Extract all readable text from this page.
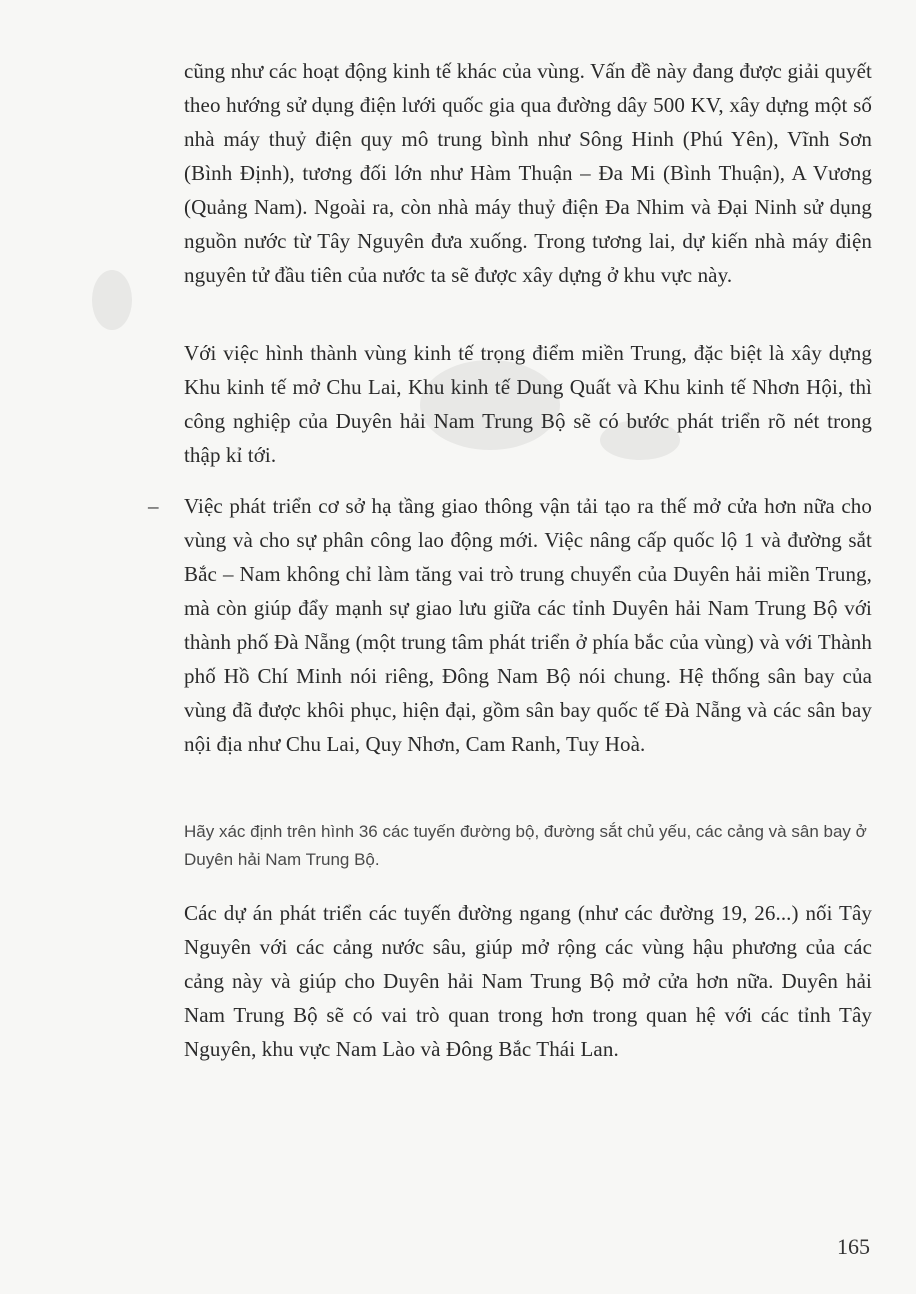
cũng như các hoạt động kinh tế khác của vùng. Vấn đề này đang được giải quyết theo hướng sử dụng điện lưới quốc gia qua đường dây 500 KV, xây dựng một số nhà máy thuỷ điện quy mô trung bình như Sông Hinh (Phú Yên), Vĩnh Sơn (Bình Định), tương đối lớn như Hàm Thuận – Đa Mi (Bình Thuận), A Vương (Quảng Nam). Ngoài ra, còn nhà máy thuỷ điện Đa Nhim và Đại Ninh sử dụng nguồn nước từ Tây Nguyên đưa xuống. Trong tương lai, dự kiến nhà máy điện nguyên tử đầu tiên của nước ta sẽ được xây dựng ở khu vực này.

Với việc hình thành vùng kinh tế trọng điểm miền Trung, đặc biệt là xây dựng Khu kinh tế mở Chu Lai, Khu kinh tế Dung Quất và Khu kinh tế Nhơn Hội, thì công nghiệp của Duyên hải Nam Trung Bộ sẽ có bước phát triển rõ nét trong thập kỉ tới.

– Việc phát triển cơ sở hạ tầng giao thông vận tải tạo ra thế mở cửa hơn nữa cho vùng và cho sự phân công lao động mới. Việc nâng cấp quốc lộ 1 và đường sắt Bắc – Nam không chỉ làm tăng vai trò trung chuyển của Duyên hải miền Trung, mà còn giúp đẩy mạnh sự giao lưu giữa các tỉnh Duyên hải Nam Trung Bộ với thành phố Đà Nẵng (một trung tâm phát triển ở phía bắc của vùng) và với Thành phố Hồ Chí Minh nói riêng, Đông Nam Bộ nói chung. Hệ thống sân bay của vùng đã được khôi phục, hiện đại, gồm sân bay quốc tế Đà Nẵng và các sân bay nội địa như Chu Lai, Quy Nhơn, Cam Ranh, Tuy Hoà.

Hãy xác định trên hình 36 các tuyến đường bộ, đường sắt chủ yếu, các cảng và sân bay ở Duyên hải Nam Trung Bộ.

Các dự án phát triển các tuyến đường ngang (như các đường 19, 26...) nối Tây Nguyên với các cảng nước sâu, giúp mở rộng các vùng hậu phương của các cảng này và giúp cho Duyên hải Nam Trung Bộ mở cửa hơn nữa. Duyên hải Nam Trung Bộ sẽ có vai trò quan trong hơn trong quan hệ với các tỉnh Tây Nguyên, khu vực Nam Lào và Đông Bắc Thái Lan.

165
